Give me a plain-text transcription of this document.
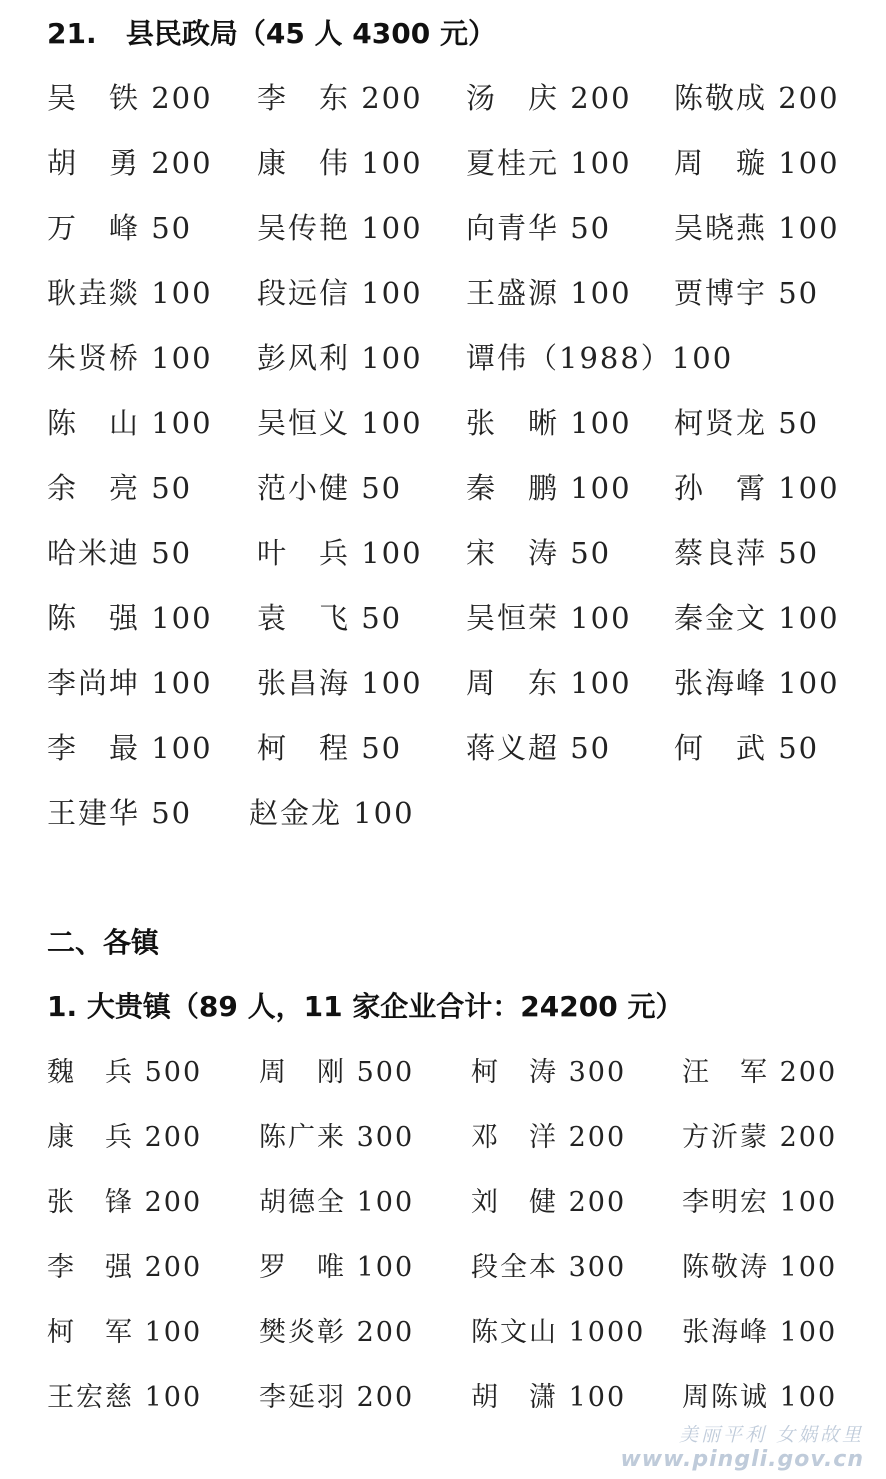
21.   县民政局（45 人 4300 元）
吴　铁 200 李　东 200 汤　庆 200 陈敬成 200
胡　勇 200 康　伟 100 夏桂元 100 周　璇 100
万　峰 50 吴传艳 100 向青华 50 吴晓燕 100
耿垚燚 100 段远信 100 王盛源 100 贾博宇 50
朱贤桥 100 彭风利 100 谭伟（1988）100
陈　山 100 吴恒义 100 张　晰 100 柯贤龙 50
余　亮 50 范小健 50 秦　鹏 100 孙　霄 100
哈米迪 50 叶　兵 100 宋　涛 50 蔡良萍 50
陈　强 100 袁　飞 50 吴恒荣 100 秦金文 100
李尚坤 100 张昌海 100 周　东 100 张海峰 100
李　最 100 柯　程 50 蒋义超 50 何　武 50
王建华 50 赵金龙 100
二、各镇
1. 大贵镇（89 人，11 家企业合计：24200 元）
魏　兵 500 周　刚 500 柯　涛 300 汪　军 200
康　兵 200 陈广来 300 邓　洋 200 方沂蒙 200
张　锋 200 胡德全 100 刘　健 200 李明宏 100
李　强 200 罗　唯 100 段全本 300 陈敬涛 100
柯　军 100 樊炎彰 200 陈文山 1000 张海峰 100
王宏慈 100 李延羽 200 胡　潇 100 周陈诚 100
美丽平利 女娲故里
www.pingli.gov.cn
